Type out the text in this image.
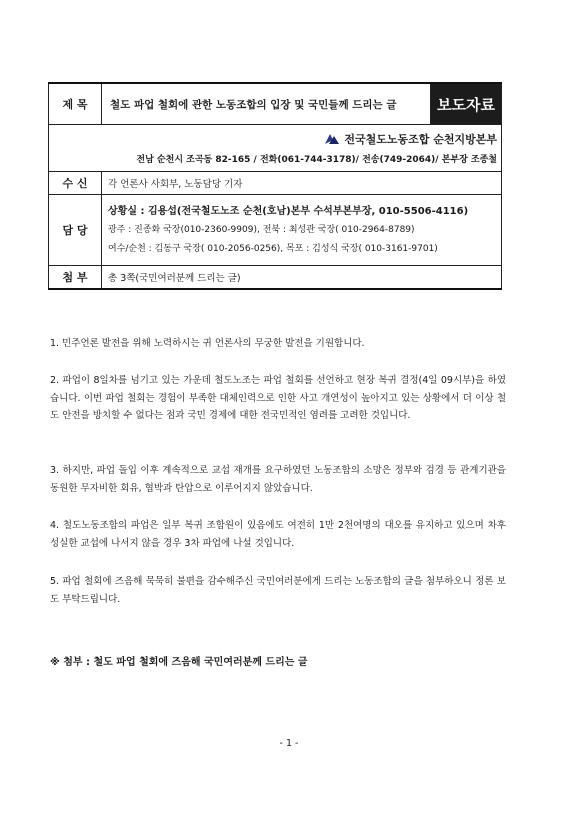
제 목	철도 파업 철회에 관한 노동조합의 입장 및 국민들께 드리는 글	보도자료

전국철도노동조합 순천지방본부
전남 순천시 조곡동 82-165 / 전화(061-744-3178)/ 전송(749-2064)/ 본부장 조종철		

수 신	각 언론사 사회부, 노동담당 기자	
담 당	상황실 : 김용섭(전국철도노조 순천(호남)본부 수석부본부장, 010-5506-4116)
광주 : 진종화 국장(010-2360-9909), 전북 : 최성관 국장( 010-2964-8789)
여수/순천 : 김동구 국장( 010-2056-0256), 목포 : 김성식 국장( 010-3161-9701)	

첨 부	총 3쪽(국민여러분께 드리는 글)	

1. 민주언론 발전을 위해 노력하시는 귀 언론사의 무궁한 발전을 기원합니다.

2. 파업이 8일차를 넘기고 있는 가운데 철도노조는 파업 철회를 선언하고 현장 복귀 결정(4일 09시부)을 하였습니다. 이번 파업 철회는 경험이 부족한 대체인력으로 인한 사고 개연성이 높아지고 있는 상황에서 더 이상 철도 안전을 방치할 수 없다는 점과 국민 경제에 대한 전국민적인 염려를 고려한 것입니다.

3. 하지만, 파업 돌입 이후 계속적으로 교섭 재개를 요구하였던 노동조합의 소망은 정부와 검경 등 관계기관을 동원한 무자비한 회유, 협박과 탄압으로 이루어지지 않았습니다.

4. 철도노동조합의 파업은 일부 복귀 조합원이 있음에도 여전히 1만 2천여명의 대오를 유지하고 있으며 차후 성실한 교섭에 나서지 않을 경우 3차 파업에 나설 것입니다.

5. 파업 철회에 즈음해 묵묵히 불편을 감수해주신 국민여러분에게 드리는 노동조합의 글을 첨부하오니 정론 보도 부탁드립니다.

※ 첨부 : 철도 파업 철회에 즈음해 국민여러분께 드리는 글
- 1 -
